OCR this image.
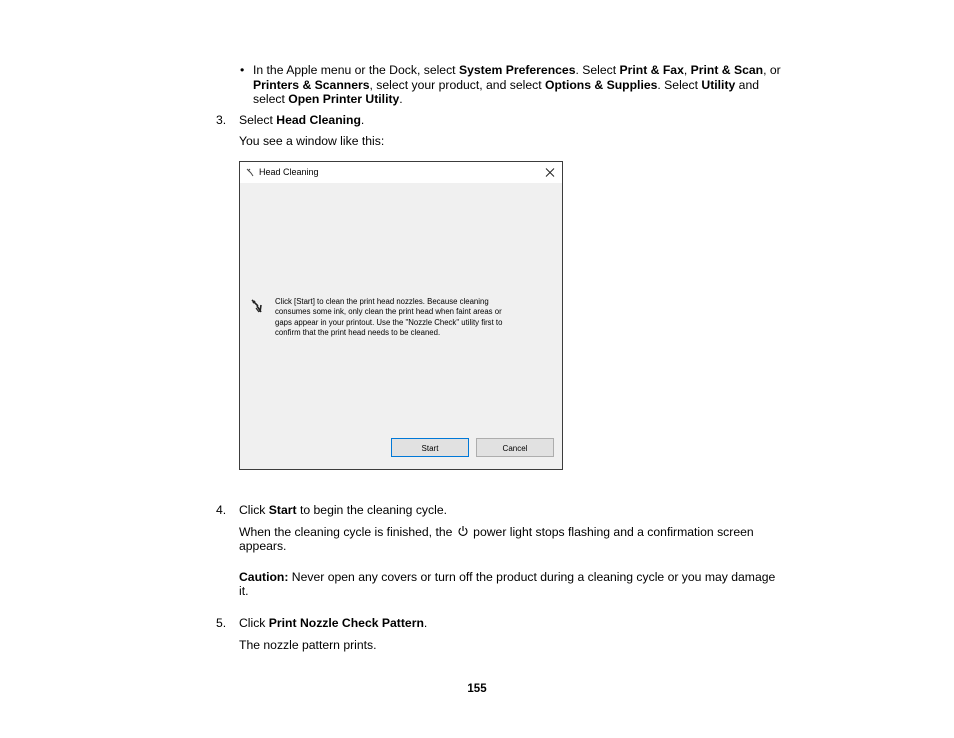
• In the Apple menu or the Dock, select System Preferences. Select Print & Fax, Print & Scan, or
Printers & Scanners, select your product, and select Options & Supplies. Select Utility and
select Open Printer Utility.
3. Select Head Cleaning.
You see a window like this:
Head Cleaning
Click [Start] to clean the print head nozzles. Because cleaning
consumes some ink, only clean the print head when faint areas or
gaps appear in your printout. Use the "Nozzle Check" utility first to
confirm that the print head needs to be cleaned.
Start	Cancel
4. Click Start to begin the cleaning cycle.
When the cleaning cycle is finished, the  power light stops flashing and a confirmation screen
appears.
Caution: Never open any covers or turn off the product during a cleaning cycle or you may damage
it.
5. Click Print Nozzle Check Pattern.
The nozzle pattern prints.
155
